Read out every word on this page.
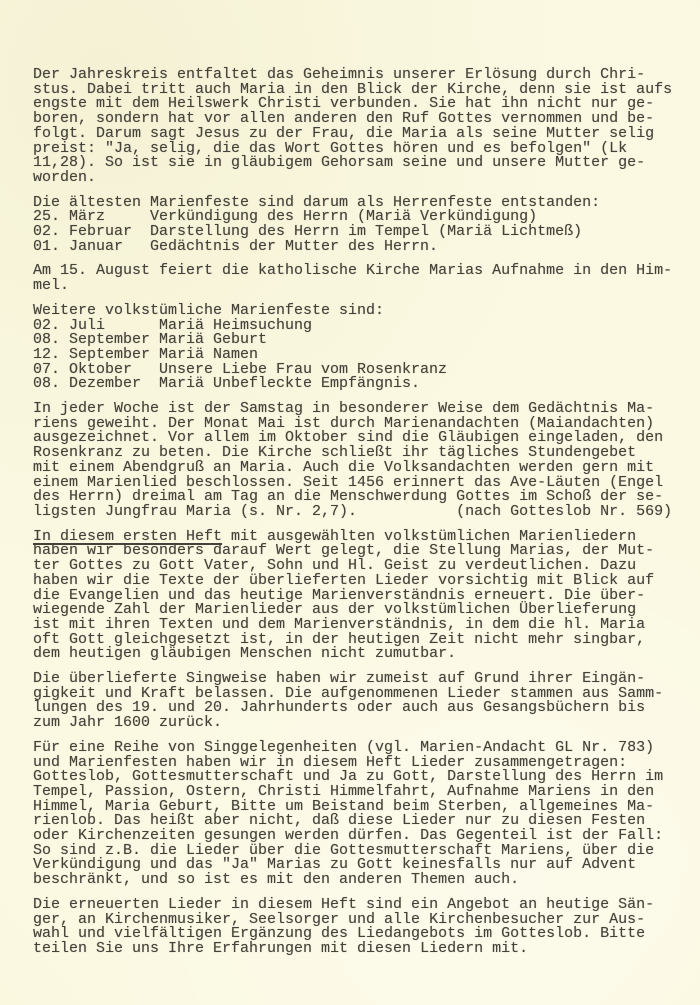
Der Jahreskreis entfaltet das Geheimnis unserer Erlösung durch Chri-
stus. Dabei tritt auch Maria in den Blick der Kirche, denn sie ist aufs
engste mit dem Heilswerk Christi verbunden. Sie hat ihn nicht nur ge-
boren, sondern hat vor allen anderen den Ruf Gottes vernommen und be-
folgt. Darum sagt Jesus zu der Frau, die Maria als seine Mutter selig
preist: "Ja, selig, die das Wort Gottes hören und es befolgen" (Lk
11,28). So ist sie in gläubigem Gehorsam seine und unsere Mutter ge-
worden.
Die ältesten Marienfeste sind darum als Herrenfeste entstanden:
25. März	Verkündigung des Herrn (Mariä Verkündigung)
02. Februar Darstellung des Herrn im Tempel (Mariä Lichtmeß)
01. Januar Gedächtnis der Mutter des Herrn.
Am 15. August feiert die katholische Kirche Marias Aufnahme in den Him-
mel.
Weitere volkstümliche Marienfeste sind:
02. Juli	Mariä Heimsuchung
08. September Mariä Geburt
12. September Mariä Namen
07. Oktober Unsere Liebe Frau vom Rosenkranz
08. Dezember Mariä Unbefleckte Empfängnis.
In jeder Woche ist der Samstag in besonderer Weise dem Gedächtnis Ma-
riens geweiht. Der Monat Mai ist durch Marienandachten (Maiandachten)
ausgezeichnet. Vor allem im Oktober sind die Gläubigen eingeladen, den
Rosenkranz zu beten. Die Kirche schließt ihr tägliches Stundengebet
mit einem Abendgruß an Maria. Auch die Volksandachten werden gern mit
einem Marienlied beschlossen. Seit 1456 erinnert das Ave-Läuten (Engel
des Herrn) dreimal am Tag an die Menschwerdung Gottes im Schoß der se-
ligsten Jungfrau Maria (s. Nr. 2,7).           (nach Gotteslob Nr. 569)
In diesem ersten Heft mit ausgewählten volkstümlichen Marienliedern
haben wir besonders darauf Wert gelegt, die Stellung Marias, der Mut-
ter Gottes zu Gott Vater, Sohn und Hl. Geist zu verdeutlichen. Dazu
haben wir die Texte der überlieferten Lieder vorsichtig mit Blick auf
die Evangelien und das heutige Marienverständnis erneuert. Die über-
wiegende Zahl der Marienlieder aus der volkstümlichen Überlieferung
ist mit ihren Texten und dem Marienverständnis, in dem die hl. Maria
oft Gott gleichgesetzt ist, in der heutigen Zeit nicht mehr singbar,
dem heutigen gläubigen Menschen nicht zumutbar.
Die überlieferte Singweise haben wir zumeist auf Grund ihrer Eingän-
gigkeit und Kraft belassen. Die aufgenommenen Lieder stammen aus Samm-
lungen des 19. und 20. Jahrhunderts oder auch aus Gesangsbüchern bis
zum Jahr 1600 zurück.
Für eine Reihe von Singgelegenheiten (vgl. Marien-Andacht GL Nr. 783)
und Marienfesten haben wir in diesem Heft Lieder zusammengetragen:
Gotteslob, Gottesmutterschaft und Ja zu Gott, Darstellung des Herrn im
Tempel, Passion, Ostern, Christi Himmelfahrt, Aufnahme Mariens in den
Himmel, Maria Geburt, Bitte um Beistand beim Sterben, allgemeines Ma-
rienlob. Das heißt aber nicht, daß diese Lieder nur zu diesen Festen
oder Kirchenzeiten gesungen werden dürfen. Das Gegenteil ist der Fall:
So sind z.B. die Lieder über die Gottesmutterschaft Mariens, über die
Verkündigung und das "Ja" Marias zu Gott keinesfalls nur auf Advent
beschränkt, und so ist es mit den anderen Themen auch.
Die erneuerten Lieder in diesem Heft sind ein Angebot an heutige Sän-
ger, an Kirchenmusiker, Seelsorger und alle Kirchenbesucher zur Aus-
wahl und vielfältigen Ergänzung des Liedangebots im Gotteslob. Bitte
teilen Sie uns Ihre Erfahrungen mit diesen Liedern mit.
